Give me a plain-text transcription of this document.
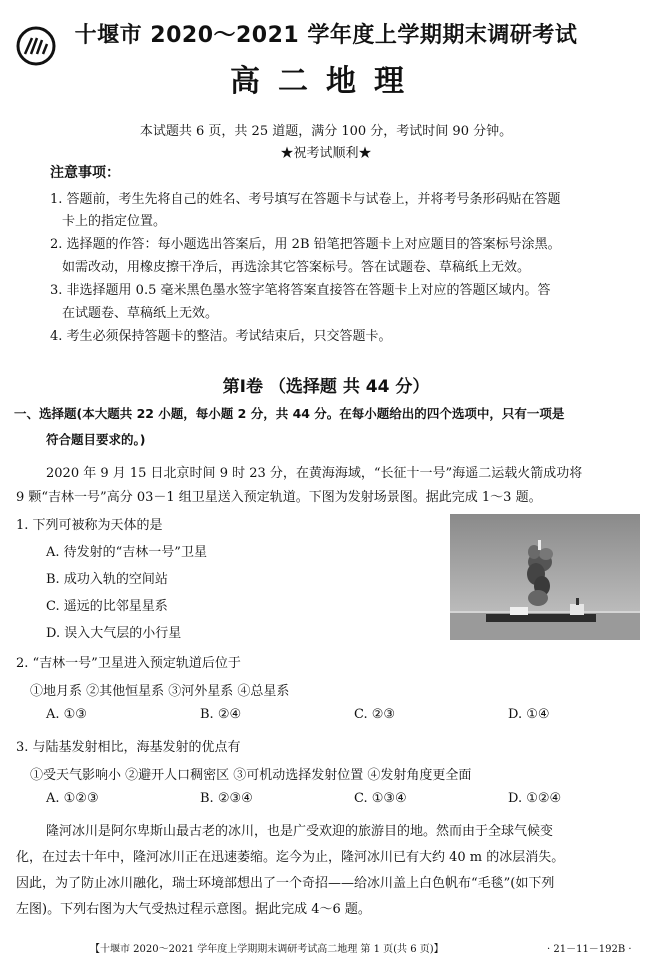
十堰市 2020～2021 学年度上学期期末调研考试
高二地理
本试题共 6 页，共 25 道题，满分 100 分，考试时间 90 分钟。
★祝考试顺利★
注意事项：
1. 答题前，考生先将自己的姓名、考号填写在答题卡与试卷上，并将考号条形码贴在答题
卡上的指定位置。
2. 选择题的作答：每小题选出答案后，用 2B 铅笔把答题卡上对应题目的答案标号涂黑。
如需改动，用橡皮擦干净后，再选涂其它答案标号。答在试题卷、草稿纸上无效。
3. 非选择题用 0.5 毫米黑色墨水签字笔将答案直接答在答题卡上对应的答题区域内。答
在试题卷、草稿纸上无效。
4. 考生必须保持答题卡的整洁。考试结束后，只交答题卡。
第Ⅰ卷 （选择题 共 44 分）
一、选择题(本大题共 22 小题，每小题 2 分，共 44 分。在每小题给出的四个选项中，只有一项是
符合题目要求的。)
2020 年 9 月 15 日北京时间 9 时 23 分，在黄海海域，“长征十一号”海遥二运载火箭成功将
9 颗“吉林一号”高分 03－1 组卫星送入预定轨道。下图为发射场景图。据此完成 1～3 题。
1. 下列可被称为天体的是
A. 待发射的“吉林一号”卫星
B. 成功入轨的空间站
C. 遥远的比邻星星系
D. 误入大气层的小行星
2. “吉林一号”卫星进入预定轨道后位于
①地月系 ②其他恒星系 ③河外星系 ④总星系
A. ①③	B. ②④	C. ②③	D. ①④
3. 与陆基发射相比，海基发射的优点有
①受天气影响小 ②避开人口稠密区 ③可机动选择发射位置 ④发射角度更全面
A. ①②③	B. ②③④	C. ①③④	D. ①②④
隆河冰川是阿尔卑斯山最古老的冰川，也是广受欢迎的旅游目的地。然而由于全球气候变
化，在过去十年中，隆河冰川正在迅速萎缩。迄今为止，隆河冰川已有大约 40 m 的冰层消失。
因此，为了防止冰川融化，瑞士环境部想出了一个奇招——给冰川盖上白色帆布“毛毯”(如下列
左图)。下列右图为大气受热过程示意图。据此完成 4～6 题。
【十堰市 2020～2021 学年度上学期期末调研考试高二地理 第 1 页(共 6 页)】	· 21－11－192B ·
